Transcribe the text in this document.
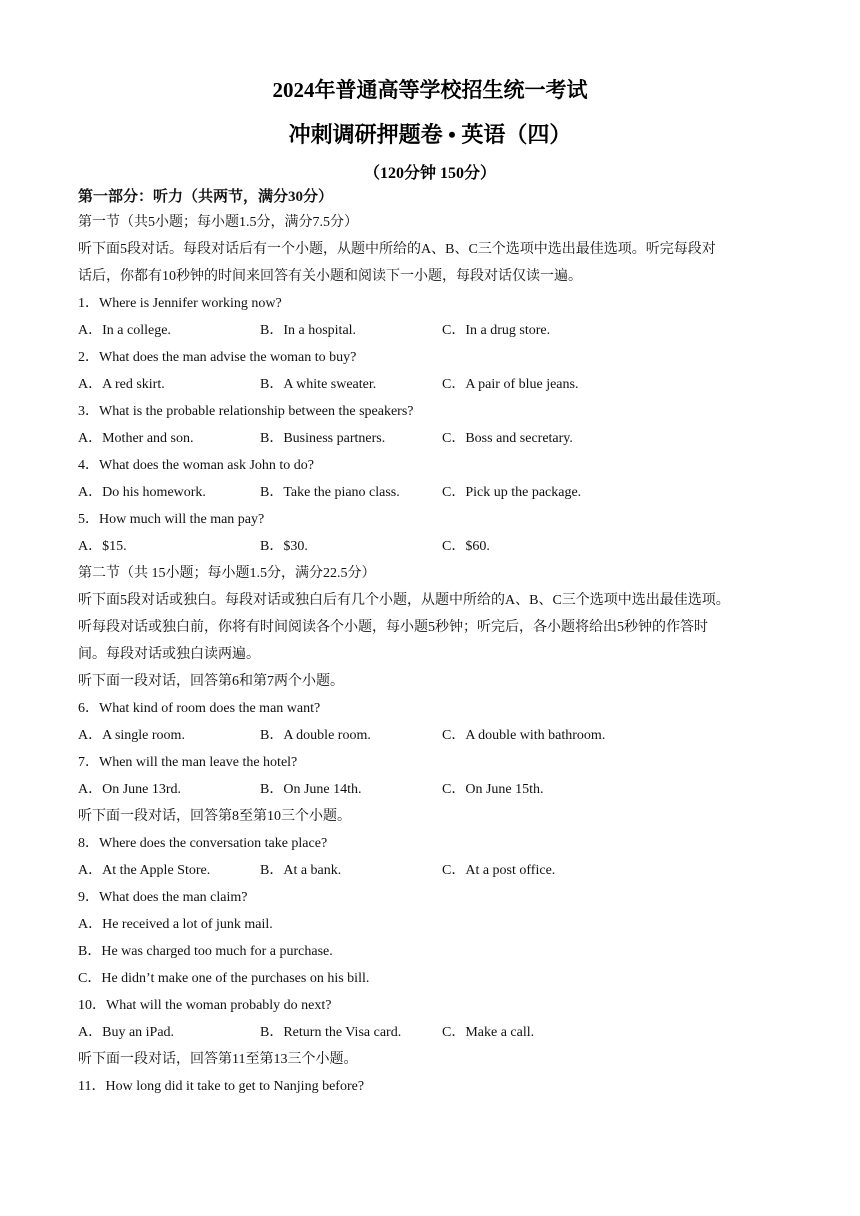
2024年普通高等学校招生统一考试
冲刺调研押题卷 • 英语（四）
（120分钟 150分）
第一部分：听力（共两节，满分30分）
第一节（共5小题；每小题1.5分，满分7.5分）
听下面5段对话。每段对话后有一个小题，从题中所给的A、B、C三个选项中选出最佳选项。听完每段对
话后，你都有10秒钟的时间来回答有关小题和阅读下一小题，每段对话仅读一遍。
1．Where is Jennifer working now?
A．In a college.	B．In a hospital.	C．In a drug store.
2．What does the man advise the woman to buy?
A．A red skirt.	B．A white sweater.	C．A pair of blue jeans.
3．What is the probable relationship between the speakers?
A．Mother and son.	B．Business partners.	C．Boss and secretary.
4．What does the woman ask John to do?
A．Do his homework.	B．Take the piano class.	C．Pick up the package.
5．How much will the man pay?
A．$15.	B．$30.	C．$60.
第二节（共 15小题；每小题1.5分，满分22.5分）
听下面5段对话或独白。每段对话或独白后有几个小题，从题中所给的A、B、C三个选项中选出最佳选项。
听每段对话或独白前，你将有时间阅读各个小题，每小题5秒钟；听完后，各小题将给出5秒钟的作答时
间。每段对话或独白读两遍。
听下面一段对话，回答第6和第7两个小题。
6．What kind of room does the man want?
A．A single room.	B．A double room.	C．A double with bathroom.
7．When will the man leave the hotel?
A．On June 13rd.	B．On June 14th.	C．On June 15th.
听下面一段对话，回答第8至第10三个小题。
8．Where does the conversation take place?
A．At the Apple Store.	B．At a bank.	C．At a post office.
9．What does the man claim?
A．He received a lot of junk mail.
B．He was charged too much for a purchase.
C．He didn’t make one of the purchases on his bill.
10．What will the woman probably do next?
A．Buy an iPad.	B．Return the Visa card.	C．Make a call.
听下面一段对话，回答第11至第13三个小题。
11．How long did it take to get to Nanjing before?
